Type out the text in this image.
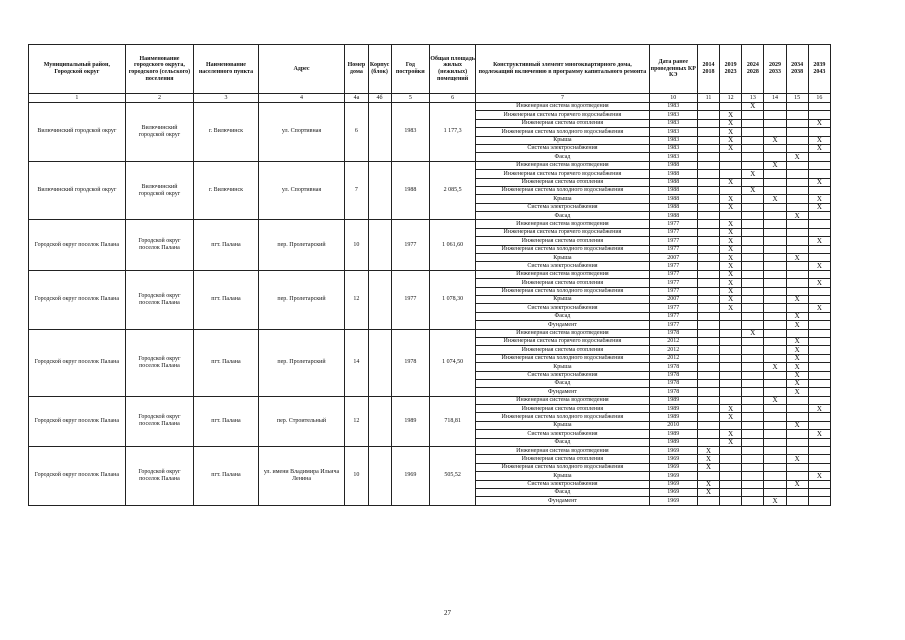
Муниципальный район, Городской округ	Наименование городского округа, городского (сельского) поселения	Наименование населенного пункта	Адрес	Номер дома	Корпус (блок)	Год постройки	Общая площадь жилых (нежилых) помещений	Конструктивный элемент многоквартирного дома, подлежащий включению в программу капитального ремонта	Дата ранее проведенных КР КЭ	2014 2018	2019 2023	2024 2028	2029 2033	2034 2038	2039 2043
1	2	3	4	4а	4б	5	6	7	10	11	12	13	14	15	16
Вилючинский городской округ	Вилючинский городской округ	г. Вилючинск	ул. Спортивная	6		1983	1 177,3	Инженерная система водоотведения	1983			X			
								Инженерная система горячего водоснабжения	1983		X				
								Инженерная система отопления	1983		X				X
								Инженерная система холодного водоснабжения	1983		X				
								Крыша	1983		X		X		X
								Система электроснабжения	1983		X				X
								Фасад	1983					X	
Вилючинский городской округ	Вилючинский городской округ	г. Вилючинск	ул. Спортивная	7		1988	2 085,5	Инженерная система водоотведения	1988				X		
								Инженерная система горячего водоснабжения	1988			X			
								Инженерная система отопления	1988		X				X
								Инженерная система холодного водоснабжения	1988			X			
								Крыша	1988		X		X		X
								Система электроснабжения	1988		X				X
								Фасад	1988					X	
Городской округ поселок Палана	Городской округ поселок Палана	пгт. Палана	пер. Пролетарский	10		1977	1 061,60	Инженерная система водоотведения	1977		X				
								Инженерная система горячего водоснабжения	1977		X				
								Инженерная система отопления	1977		X				X
								Инженерная система холодного водоснабжения	1977		X				
								Крыша	2007		X			X	
								Система электроснабжения	1977		X				X
Городской округ поселок Палана	Городской округ поселок Палана	пгт. Палана	пер. Пролетарский	12		1977	1 078,30	Инженерная система водоотведения	1977		X				
								Инженерная система отопления	1977		X				X
								Инженерная система холодного водоснабжения	1977		X				
								Крыша	2007		X			X	
								Система электроснабжения	1977		X				X
								Фасад	1977					X	
								Фундамент	1977					X	
Городской округ поселок Палана	Городской округ поселок Палана	пгт. Палана	пер. Пролетарский	14		1978	1 074,50	Инженерная система водоотведения	1978			X			
								Инженерная система горячего водоснабжения	2012					X	
								Инженерная система отопления	2012					X	
								Инженерная система холодного водоснабжения	2012					X	
								Крыша	1978				X	X	
								Система электроснабжения	1978					X	
								Фасад	1978					X	
								Фундамент	1978					X	
Городской округ поселок Палана	Городской округ поселок Палана	пгт. Палана	пер. Строительный	12		1989	718,81	Инженерная система водоотведения	1989				X		
								Инженерная система отопления	1989		X				X
								Инженерная система холодного водоснабжения	1989		X				
								Крыша	2010					X	
								Система электроснабжения	1989		X				X
								Фасад	1989		X				
Городской округ поселок Палана	Городской округ поселок Палана	пгт. Палана	ул. имени Владимира Ильича Ленина	10		1969	505,52	Инженерная система водоотведения	1969	X					
								Инженерная система отопления	1969	X				X	
								Инженерная система холодного водоснабжения	1969	X					
								Крыша	1969						X
								Система электроснабжения	1969	X				X	
								Фасад	1969	X					
								Фундамент	1969				X		
27
